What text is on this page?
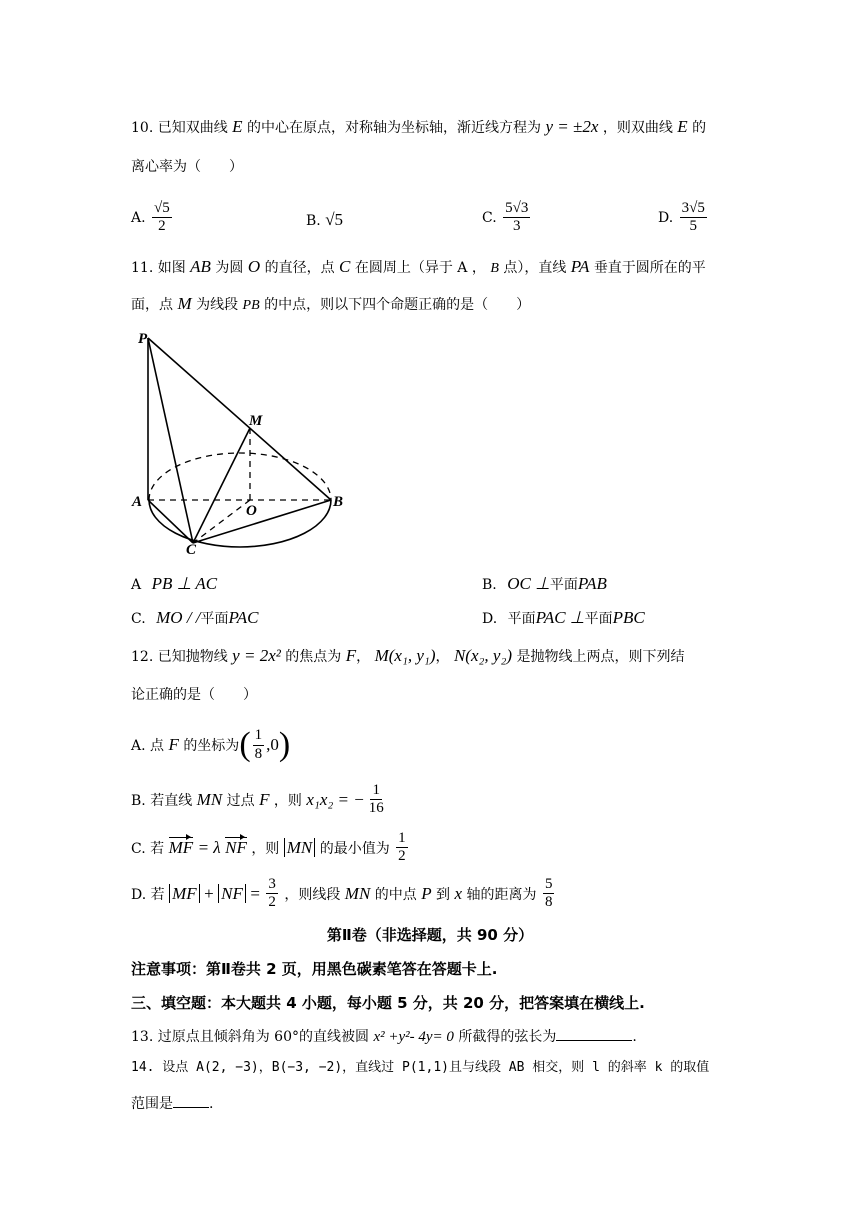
10. 已知双曲线 E 的中心在原点，对称轴为坐标轴，渐近线方程为 y = ±2x ，则双曲线 E 的
离心率为（　　）
A. $\frac{√5}{2}$	B. √5	C. $\frac{5√3}{3}$	D. $\frac{3√5}{5}$
11. 如图 AB 为圆 O 的直径，点 C 在圆周上（异于 A ， B 点），直线 PA 垂直于圆所在的平
面，点 M 为线段 PB 的中点，则以下四个命题正确的是（　　）
P
M
A
O
B
C
A PB ⊥ AC	B. OC ⊥平面PAB
C. MO / /平面PAC	D. 平面PAC ⊥平面PBC
12. 已知抛物线 y = 2x² 的焦点为 F， M(x₁, y₁)， N(x₂, y₂) 是抛物线上两点，则下列结
论正确的是（　　）
A. 点 F 的坐标为( $\frac{1}{8} ,0$)
B. 若直线 MN 过点 F ，则 x₁x₂ = − $\frac{1}{16}$
C. 若 MF = λ NF ，则 MN 的最小值为 $\frac{1}{2}$
D. 若 MF + NF = $\frac{3}{2}$ ，则线段 MN 的中点 P 到 x 轴的距离为 $\frac{5}{8}$
第Ⅱ卷（非选择题，共 90 分）
注意事项：第Ⅱ卷共 2 页，用黑色碳素笔答在答题卡上.
三、填空题：本大题共 4 小题，每小题 5 分，共 20 分，把答案填在横线上.
13. 过原点且倾斜角为 60°的直线被圆 x² +y²- 4y= 0 所截得的弦长为	.
14. 设点 A(2, −3)，B(−3, −2)，直线过 P(1,1)且与线段 AB 相交，则 l 的斜率 k 的取值
范围是	.
